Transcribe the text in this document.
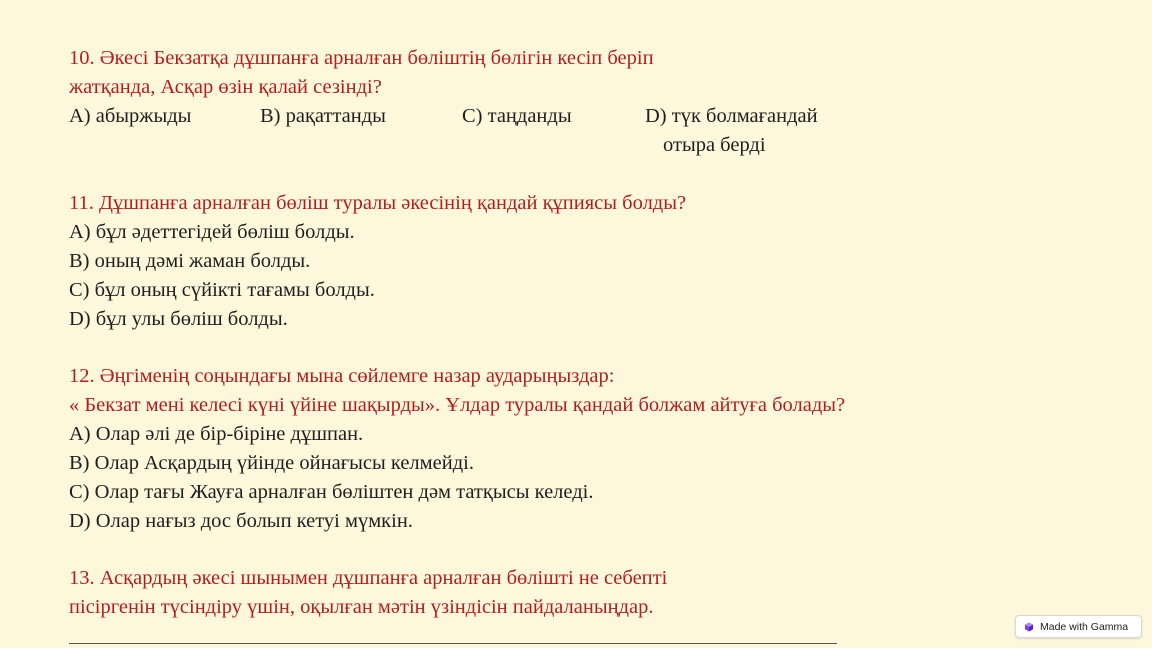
10. Әкесі Бекзатқа дұшпанға арналған бөліштің бөлігін кесіп беріп
жатқанда, Асқар өзін қалай сезінді?
А) абыржыды	В) рақаттанды	С) таңданды	D) түк болмағандай
отыра берді
11. Дұшпанға арналған бөліш туралы әкесінің қандай құпиясы болды?
А) бұл әдеттегідей бөліш болды.
В) оның дәмі жаман болды.
С) бұл оның сүйікті тағамы болды.
D) бұл улы бөліш болды.
12. Әңгіменің соңындағы мына сөйлемге назар аударыңыздар:
« Бекзат мені келесі күні үйіне шақырды». Ұлдар туралы қандай болжам айтуға болады?
А) Олар әлі де бір-біріне дұшпан.
В) Олар Асқардың үйінде ойнағысы келмейді.
С) Олар тағы Жауға арналған бөліштен дәм татқысы келеді.
D) Олар нағыз дос болып кетуі мүмкін.
13. Асқардың әкесі шынымен дұшпанға арналған бөлішті не себепті
пісіргенін түсіндіру үшін, оқылған мәтін үзіндісін пайдаланыңдар.
Made with Gamma
